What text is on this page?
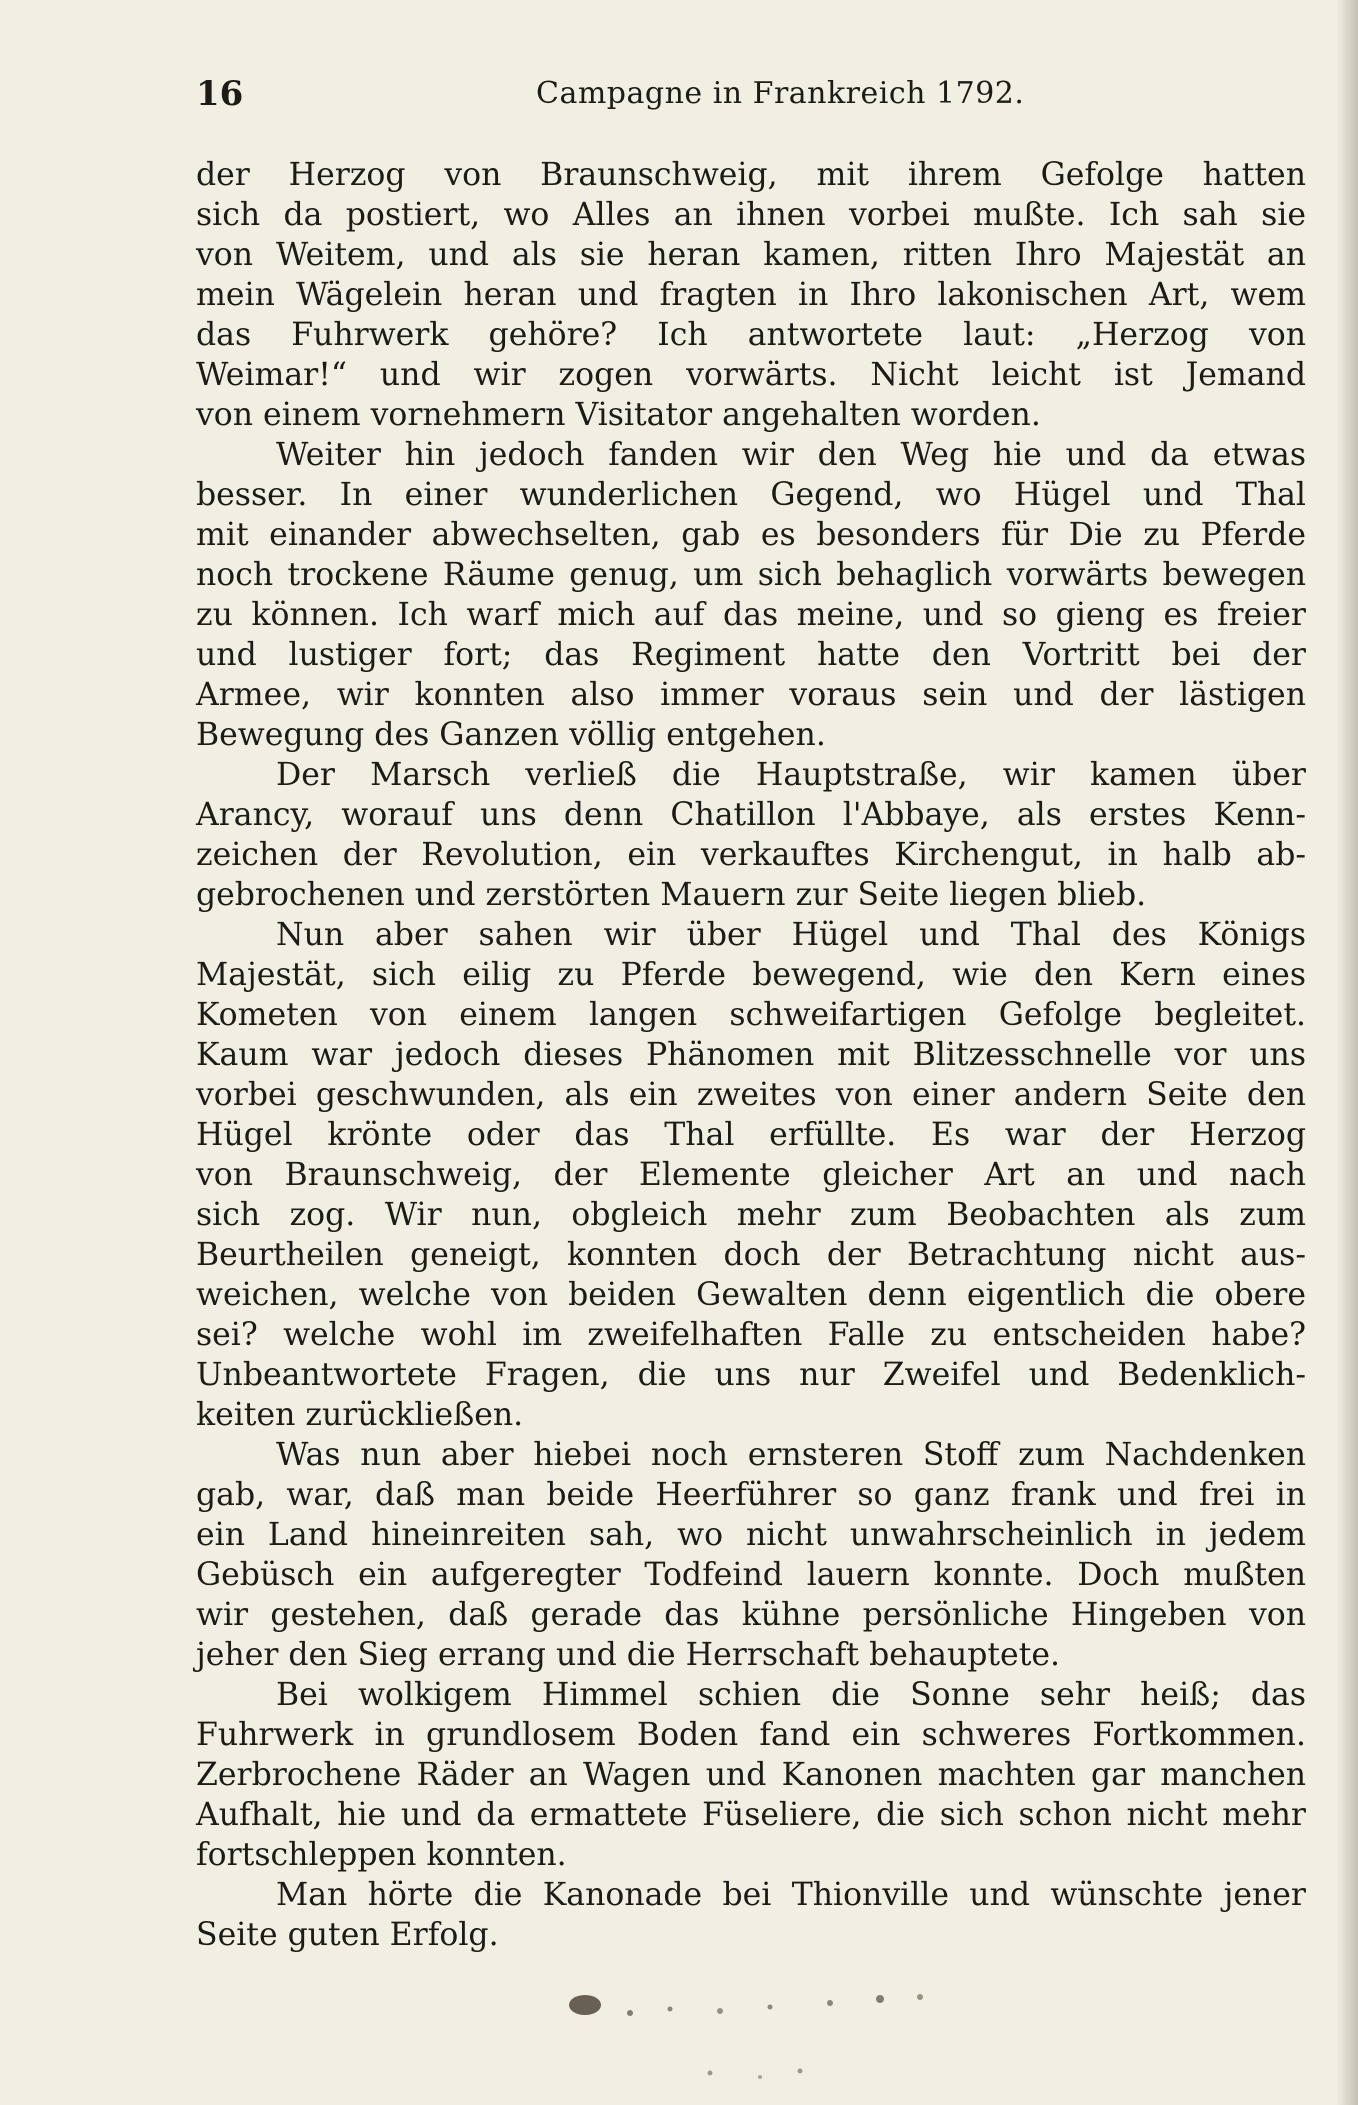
16	Campagne in Frankreich 1792.
der Herzog von Braunschweig, mit ihrem Gefolge hatten
sich da postiert, wo Alles an ihnen vorbei mußte. Ich sah sie
von Weitem, und als sie heran kamen, ritten Ihro Majestät an
mein Wägelein heran und fragten in Ihro lakonischen Art, wem
das Fuhrwerk gehöre? Ich antwortete laut: „Herzog von
Weimar!“ und wir zogen vorwärts. Nicht leicht ist Jemand
von einem vornehmern Visitator angehalten worden.
Weiter hin jedoch fanden wir den Weg hie und da etwas
besser. In einer wunderlichen Gegend, wo Hügel und Thal
mit einander abwechselten, gab es besonders für Die zu Pferde
noch trockene Räume genug, um sich behaglich vorwärts bewegen
zu können. Ich warf mich auf das meine, und so gieng es freier
und lustiger fort; das Regiment hatte den Vortritt bei der
Armee, wir konnten also immer voraus sein und der lästigen
Bewegung des Ganzen völlig entgehen.
Der Marsch verließ die Hauptstraße, wir kamen über
Arancy, worauf uns denn Chatillon l'Abbaye, als erstes Kenn-
zeichen der Revolution, ein verkauftes Kirchengut, in halb ab-
gebrochenen und zerstörten Mauern zur Seite liegen blieb.
Nun aber sahen wir über Hügel und Thal des Königs
Majestät, sich eilig zu Pferde bewegend, wie den Kern eines
Kometen von einem langen schweifartigen Gefolge begleitet.
Kaum war jedoch dieses Phänomen mit Blitzesschnelle vor uns
vorbei geschwunden, als ein zweites von einer andern Seite den
Hügel krönte oder das Thal erfüllte. Es war der Herzog
von Braunschweig, der Elemente gleicher Art an und nach
sich zog. Wir nun, obgleich mehr zum Beobachten als zum
Beurtheilen geneigt, konnten doch der Betrachtung nicht aus-
weichen, welche von beiden Gewalten denn eigentlich die obere
sei? welche wohl im zweifelhaften Falle zu entscheiden habe?
Unbeantwortete Fragen, die uns nur Zweifel und Bedenklich-
keiten zurückließen.
Was nun aber hiebei noch ernsteren Stoff zum Nachdenken
gab, war, daß man beide Heerführer so ganz frank und frei in
ein Land hineinreiten sah, wo nicht unwahrscheinlich in jedem
Gebüsch ein aufgeregter Todfeind lauern konnte. Doch mußten
wir gestehen, daß gerade das kühne persönliche Hingeben von
jeher den Sieg errang und die Herrschaft behauptete.
Bei wolkigem Himmel schien die Sonne sehr heiß; das
Fuhrwerk in grundlosem Boden fand ein schweres Fortkommen.
Zerbrochene Räder an Wagen und Kanonen machten gar manchen
Aufhalt, hie und da ermattete Füseliere, die sich schon nicht mehr
fortschleppen konnten.
Man hörte die Kanonade bei Thionville und wünschte jener
Seite guten Erfolg.
